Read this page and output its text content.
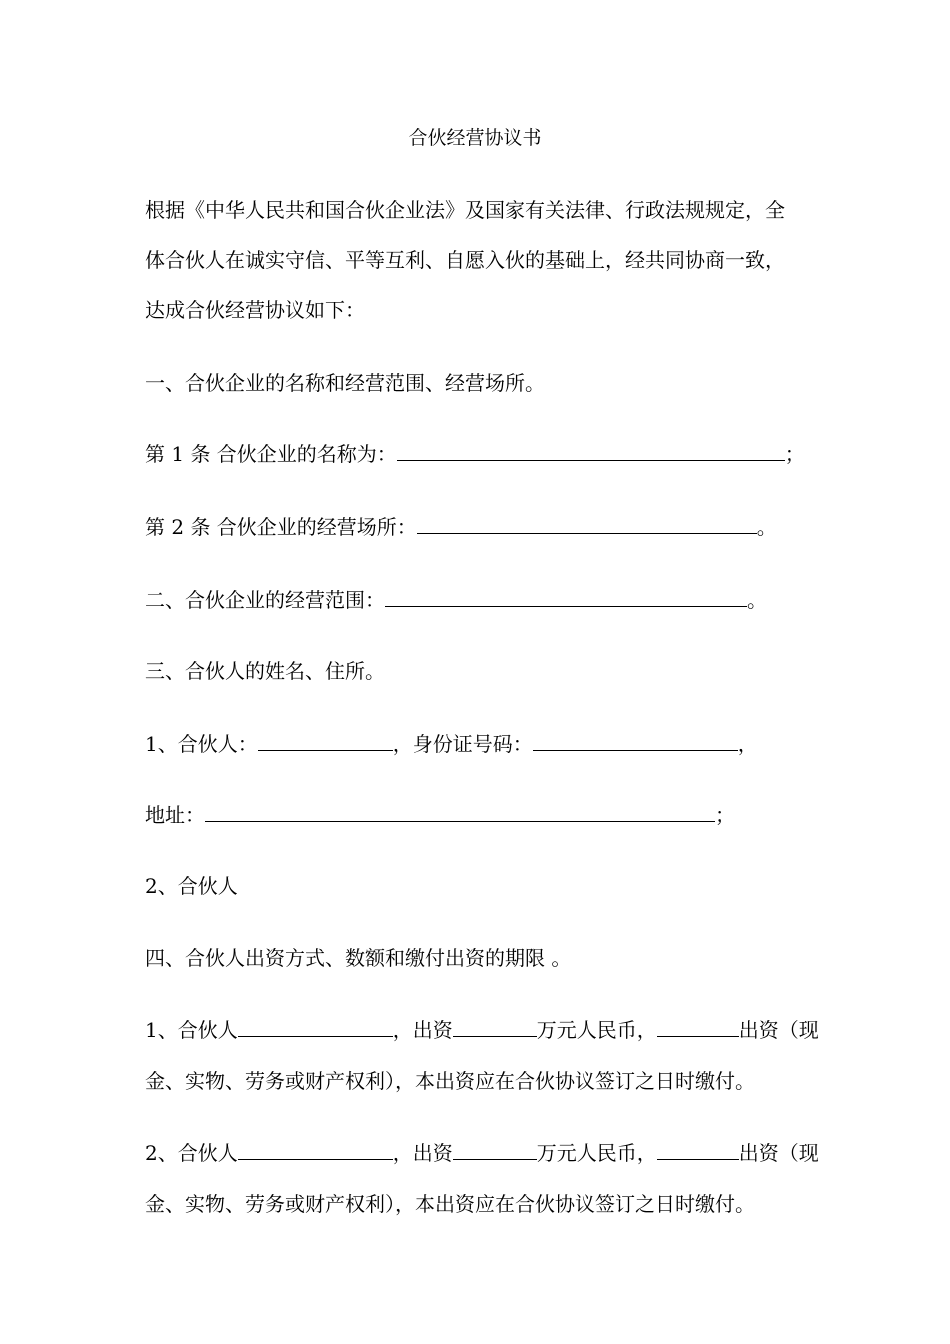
合伙经营协议书
根据《中华人民共和国合伙企业法》及国家有关法律、行政法规规定，全
体合伙人在诚实守信、平等互利、自愿入伙的基础上，经共同协商一致，
达成合伙经营协议如下：
一、合伙企业的名称和经营范围、经营场所。
第 1 条 合伙企业的名称为：	；
第 2 条 合伙企业的经营场所：	。
二、合伙企业的经营范围：	。
三、合伙人的姓名、住所。
1、合伙人：	，身份证号码：	，
地址：	；
2、合伙人
四、合伙人出资方式、数额和缴付出资的期限 。
1、合伙人	，出资	万元人民币，	出资（现
金、实物、劳务或财产权利），本出资应在合伙协议签订之日时缴付。
2、合伙人	，出资	万元人民币，	出资（现
金、实物、劳务或财产权利），本出资应在合伙协议签订之日时缴付。
